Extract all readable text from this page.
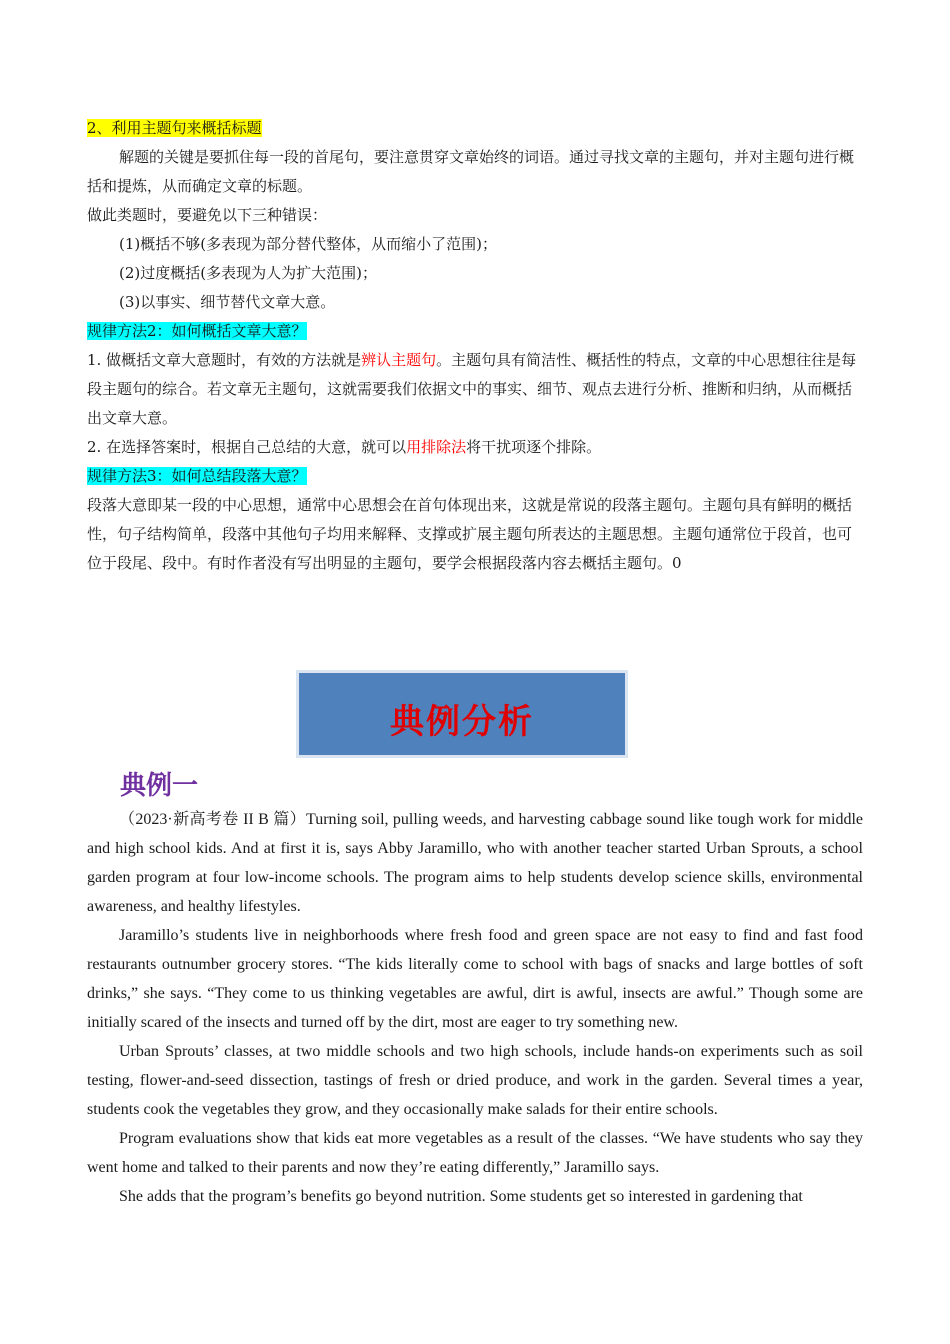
2、利用主题句来概括标题

解题的关键是要抓住每一段的首尾句，要注意贯穿文章始终的词语。通过寻找文章的主题句，并对主题句进行概括和提炼，从而确定文章的标题。

做此类题时，要避免以下三种错误：

(1)概括不够(多表现为部分替代整体，从而缩小了范围)；

(2)过度概括(多表现为人为扩大范围)；

(3)以事实、细节替代文章大意。

规律方法2：如何概括文章大意？

1. 做概括文章大意题时，有效的方法就是辨认主题句。主题句具有简洁性、概括性的特点，文章的中心思想往往是每段主题句的综合。若文章无主题句，这就需要我们依据文中的事实、细节、观点去进行分析、推断和归纳，从而概括出文章大意。

2. 在选择答案时，根据自己总结的大意，就可以用排除法将干扰项逐个排除。

规律方法3：如何总结段落大意？

段落大意即某一段的中心思想，通常中心思想会在首句体现出来，这就是常说的段落主题句。主题句具有鲜明的概括性，句子结构简单，段落中其他句子均用来解释、支撑或扩展主题句所表达的主题思想。主题句通常位于段首，也可位于段尾、段中。有时作者没有写出明显的主题句，要学会根据段落内容去概括主题句。0

典例分析
典例一

（2023·新高考卷 II B 篇）Turning soil, pulling weeds, and harvesting cabbage sound like tough work for middle and high school kids. And at first it is, says Abby Jaramillo, who with another teacher started Urban Sprouts, a school garden program at four low-income schools. The program aims to help students develop science skills, environmental awareness, and healthy lifestyles.

Jaramillo’s students live in neighborhoods where fresh food and green space are not easy to find and fast food restaurants outnumber grocery stores. “The kids literally come to school with bags of snacks and large bottles of soft drinks,” she says. “They come to us thinking vegetables are awful, dirt is awful, insects are awful.” Though some are initially scared of the insects and turned off by the dirt, most are eager to try something new.

Urban Sprouts’ classes, at two middle schools and two high schools, include hands-on experiments such as soil testing, flower-and-seed dissection, tastings of fresh or dried produce, and work in the garden. Several times a year, students cook the vegetables they grow, and they occasionally make salads for their entire schools.

Program evaluations show that kids eat more vegetables as a result of the classes. “We have students who say they went home and talked to their parents and now they’re eating differently,” Jaramillo says.

She adds that the program’s benefits go beyond nutrition. Some students get so interested in gardening that
